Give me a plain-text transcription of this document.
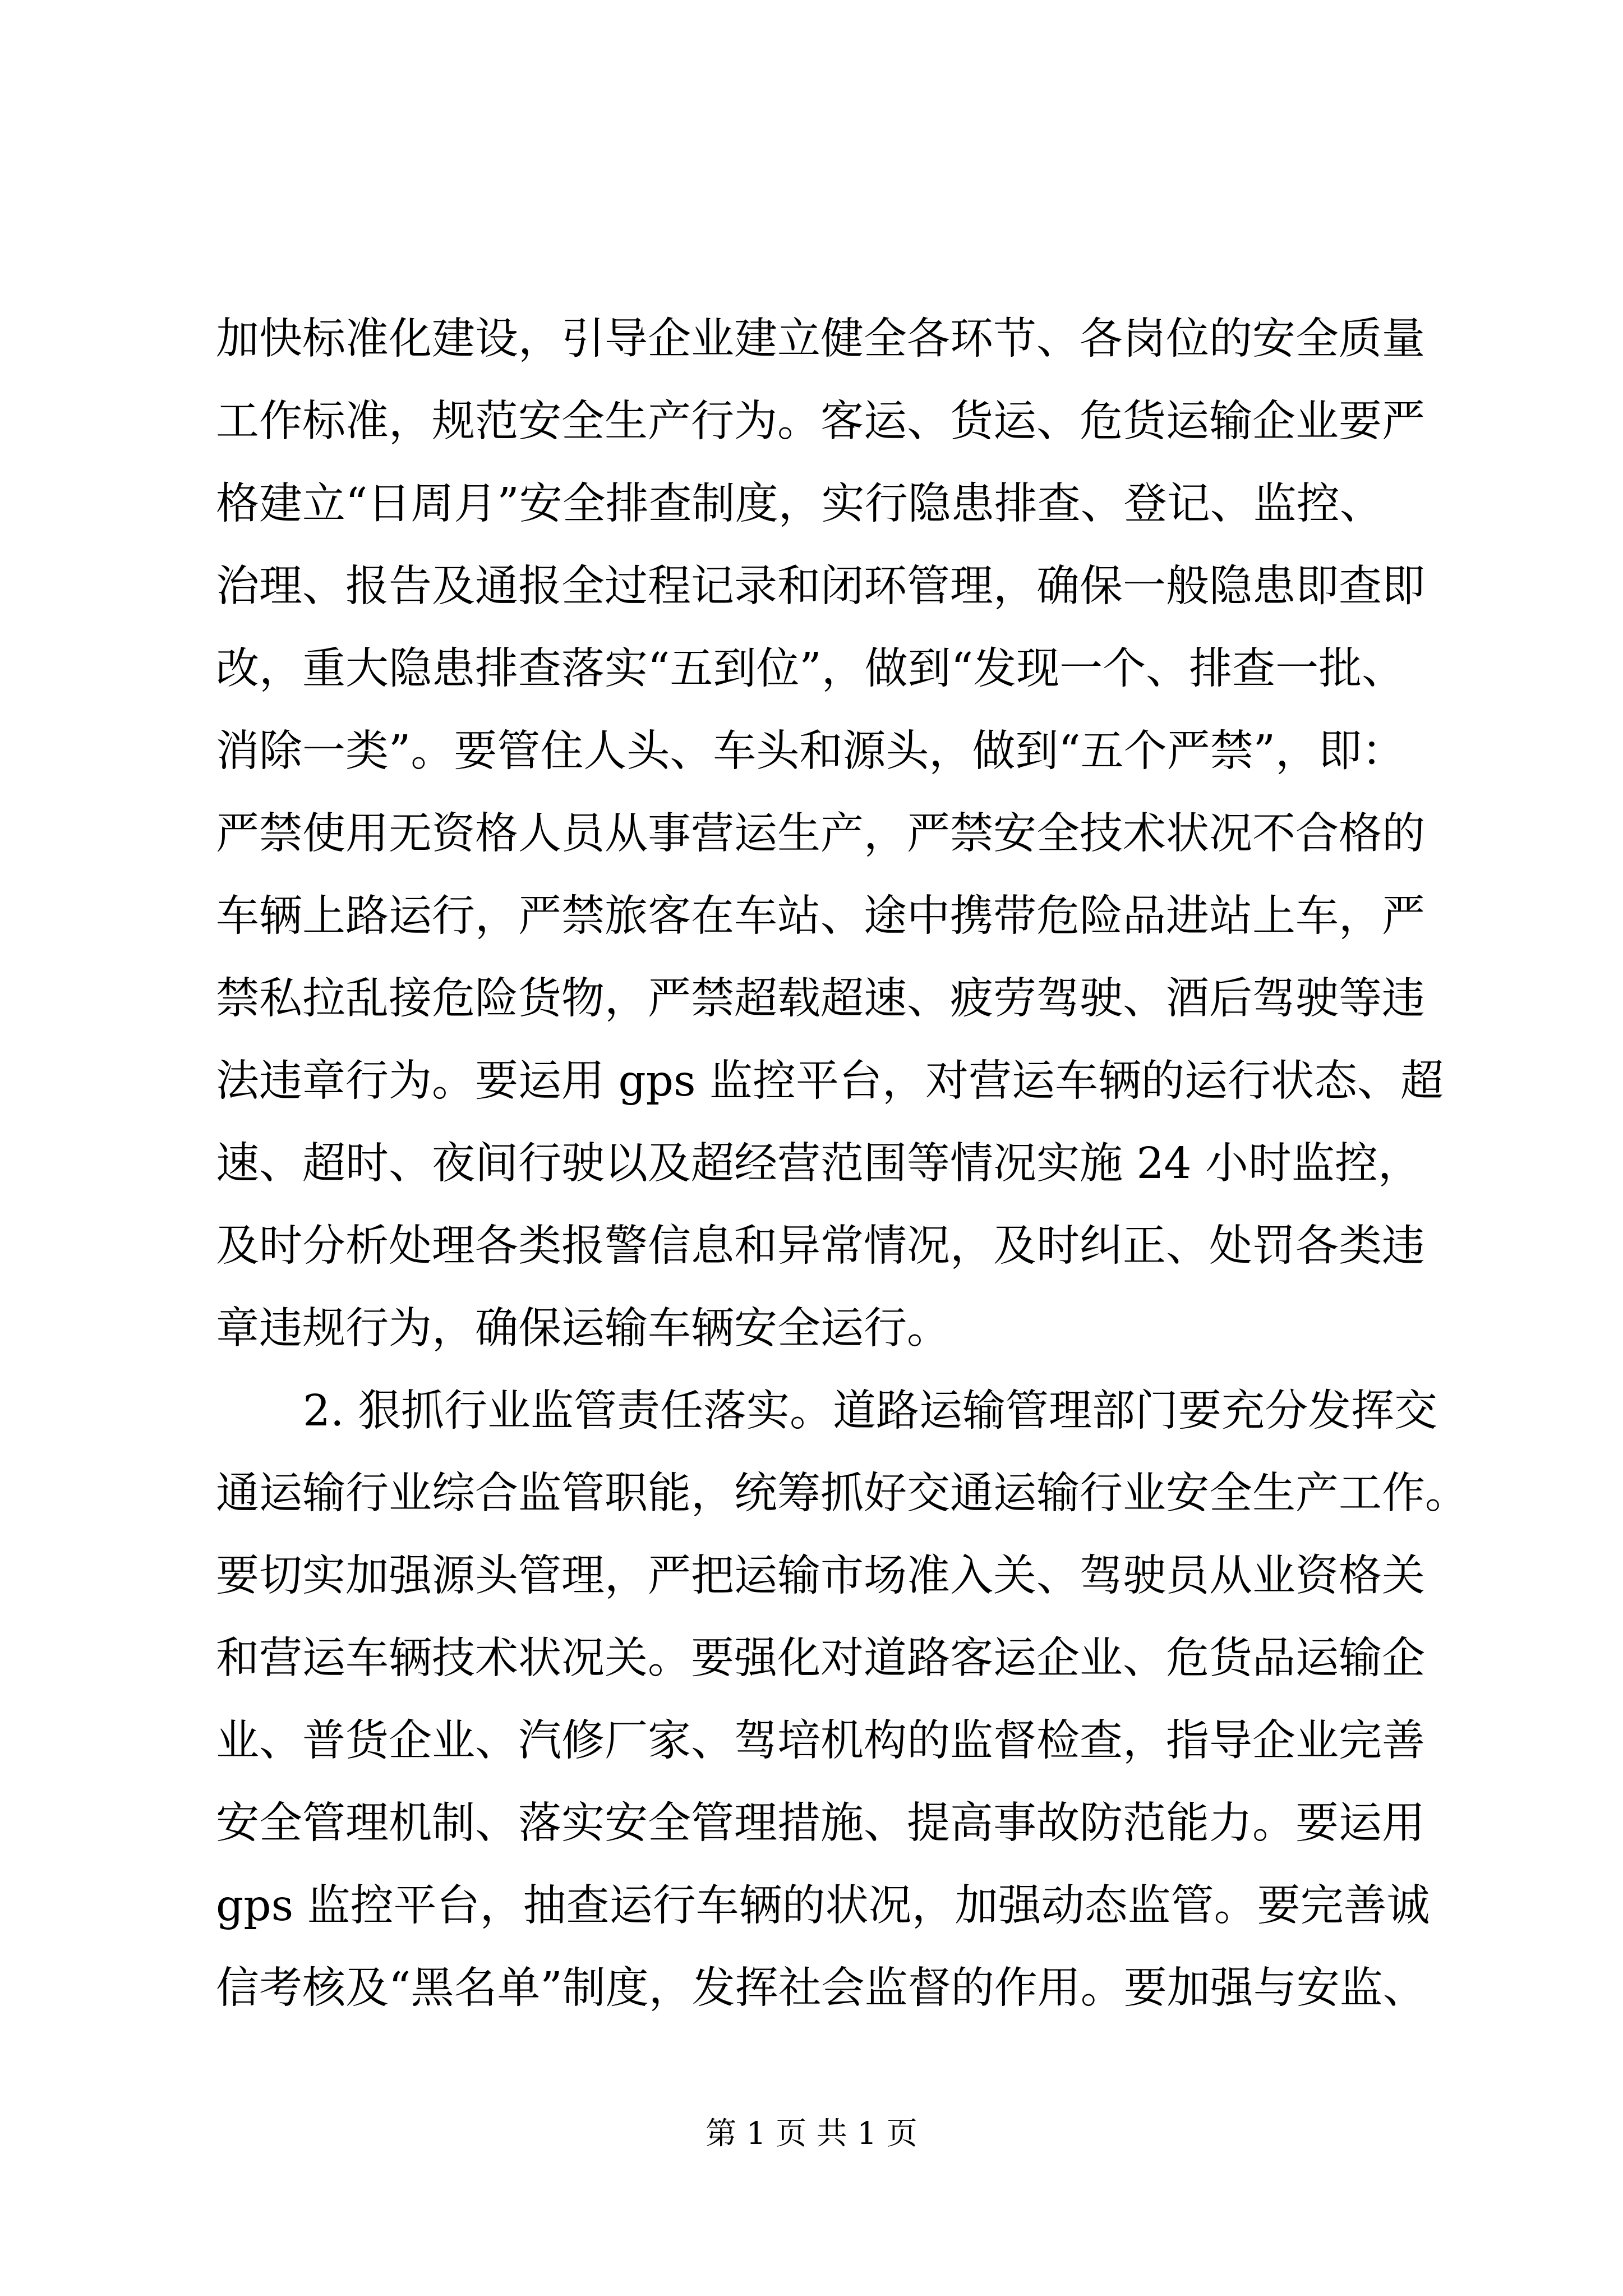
加快标准化建设，引导企业建立健全各环节、各岗位的安全质量
工作标准，规范安全生产行为。客运、货运、危货运输企业要严
格建立“日周月”安全排查制度，实行隐患排查、登记、监控、
治理、报告及通报全过程记录和闭环管理，确保一般隐患即查即
改，重大隐患排查落实“五到位”，做到“发现一个、排查一批、
消除一类”。要管住人头、车头和源头，做到“五个严禁”，即：
严禁使用无资格人员从事营运生产，严禁安全技术状况不合格的
车辆上路运行，严禁旅客在车站、途中携带危险品进站上车，严
禁私拉乱接危险货物，严禁超载超速、疲劳驾驶、酒后驾驶等违
法违章行为。要运用 gps 监控平台，对营运车辆的运行状态、超
速、超时、夜间行驶以及超经营范围等情况实施 24 小时监控，
及时分析处理各类报警信息和异常情况，及时纠正、处罚各类违
章违规行为，确保运输车辆安全运行。
2. 狠抓行业监管责任落实。道路运输管理部门要充分发挥交
通运输行业综合监管职能，统筹抓好交通运输行业安全生产工作。
要切实加强源头管理，严把运输市场准入关、驾驶员从业资格关
和营运车辆技术状况关。要强化对道路客运企业、危货品运输企
业、普货企业、汽修厂家、驾培机构的监督检查，指导企业完善
安全管理机制、落实安全管理措施、提高事故防范能力。要运用
gps 监控平台，抽查运行车辆的状况，加强动态监管。要完善诚
信考核及“黑名单”制度，发挥社会监督的作用。要加强与安监、
第 1 页 共 1 页
